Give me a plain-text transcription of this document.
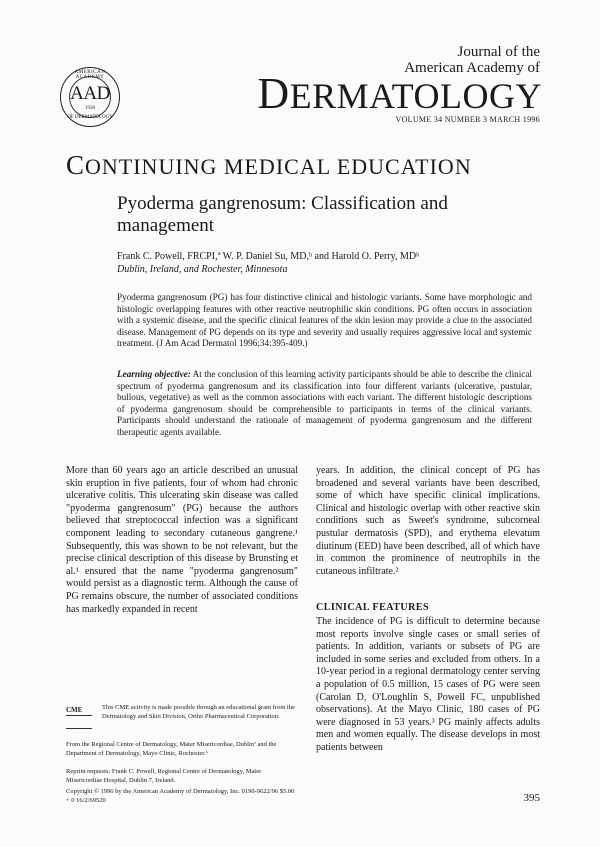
AMERICAN ACADEMY
AAD
1938
OF DERMATOLOGY
Journal of the
American Academy of
DERMATOLOGY
VOLUME 34 NUMBER 3 MARCH 1996
CONTINUING MEDICAL EDUCATION
Pyoderma gangrenosum: Classification and management
Frank C. Powell, FRCPI,ª W. P. Daniel Su, MD,ᵇ and Harold O. Perry, MDᵇ
Dublin, Ireland, and Rochester, Minnesota
Pyoderma gangrenosum (PG) has four distinctive clinical and histologic variants. Some have morphologic and histologic overlapping features with other reactive neutrophilic skin conditions. PG often occurs in association with a systemic disease, and the specific clinical features of the skin lesion may provide a clue to the associated disease. Management of PG depends on its type and severity and usually requires aggressive local and systemic treatment. (J Am Acad Dermatol 1996;34:395-409.)
Learning objective: At the conclusion of this learning activity participants should be able to describe the clinical spectrum of pyoderma gangrenosum and its classification into four different variants (ulcerative, pustular, bullous, vegetative) as well as the common associations with each variant. The different histologic descriptions of pyoderma gangrenosum should be comprehensible to participants in terms of the clinical variants. Participants should understand the rationale of management of pyoderma gangrenosum and the different therapeutic agents available.
More than 60 years ago an article described an unusual skin eruption in five patients, four of whom had chronic ulcerative colitis. This ulcerating skin disease was called "pyoderma gangrenosum" (PG) because the authors believed that streptococcal infection was a significant component leading to secondary cutaneous gangrene.¹ Subsequently, this was shown to be not relevant, but the precise clinical description of this disease by Brunsting et al.¹ ensured that the name "pyoderma gangrenosum" would persist as a diagnostic term. Although the cause of PG remains obscure, the number of associated conditions has markedly expanded in recent
years. In addition, the clinical concept of PG has broadened and several variants have been described, some of which have specific clinical implications. Clinical and histologic overlap with other reactive skin conditions such as Sweet's syndrome, subcorneal pustular dermatosis (SPD), and erythema elevatum diutinum (EED) have been described, all of which have in common the prominence of neutrophils in the cutaneous infiltrate.²
CLINICAL FEATURES
The incidence of PG is difficult to determine because most reports involve single cases or small series of patients. In addition, variants or subsets of PG are included in some series and excluded from others. In a 10-year period in a regional dermatology center serving a population of 0.5 million, 15 cases of PG were seen (Carolan D, O'Loughlin S, Powell FC, unpublished observations). At the Mayo Clinic, 180 cases of PG were diagnosed in 53 years.³ PG mainly affects adults men and women equally. The disease develops in most patients between
CME	This CME activity is made possible through an educational grant from the Dermatology and Skin Division, Ortho Pharmaceutical Corporation.
From the Regional Centre of Dermatology, Mater Misericordiae, Dublinª and the Department of Dermatology, Mayo Clinic, Rochester.ᵇ
Reprint requests: Frank C. Powell, Regional Centre of Dermatology, Mater Misericordiae Hospital, Dublin 7, Ireland.
Copyright © 1996 by the American Academy of Dermatology, Inc. 0190-9622/96 $5.00 + 0 16/2/69520	395
